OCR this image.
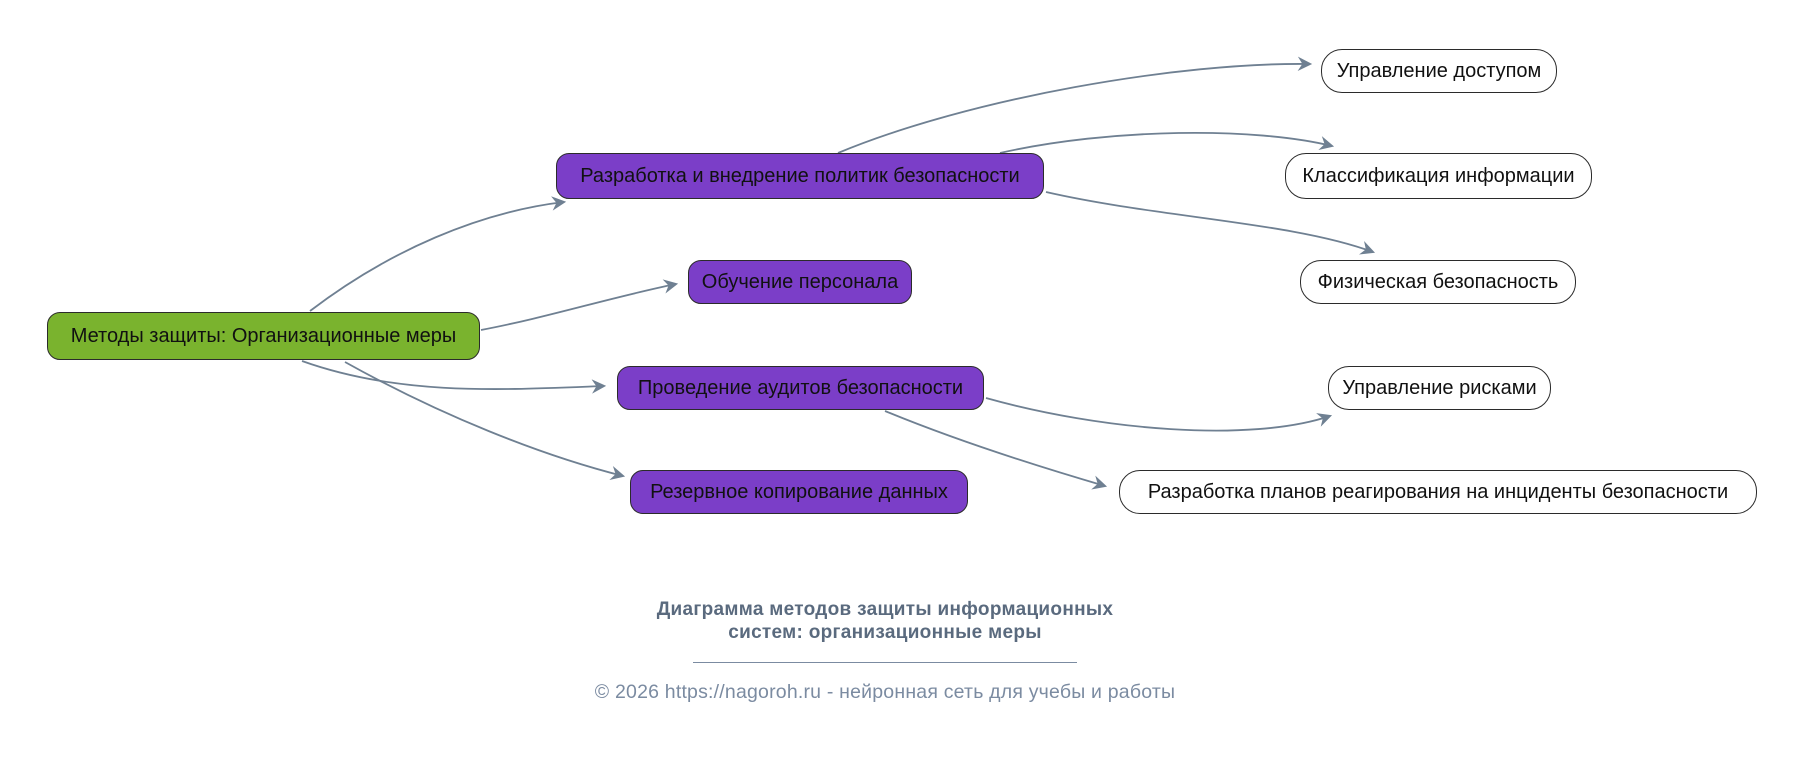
Методы защиты: Организационные меры
Разработка и внедрение политик безопасности
Обучение персонала
Проведение аудитов безопасности
Резервное копирование данных
Управление доступом
Классификация информации
Физическая безопасность
Управление рисками
Разработка планов реагирования на инциденты безопасности
Диаграмма методов защиты информационных
систем: организационные меры
© 2026 https://nagoroh.ru - нейронная сеть для учебы и работы
